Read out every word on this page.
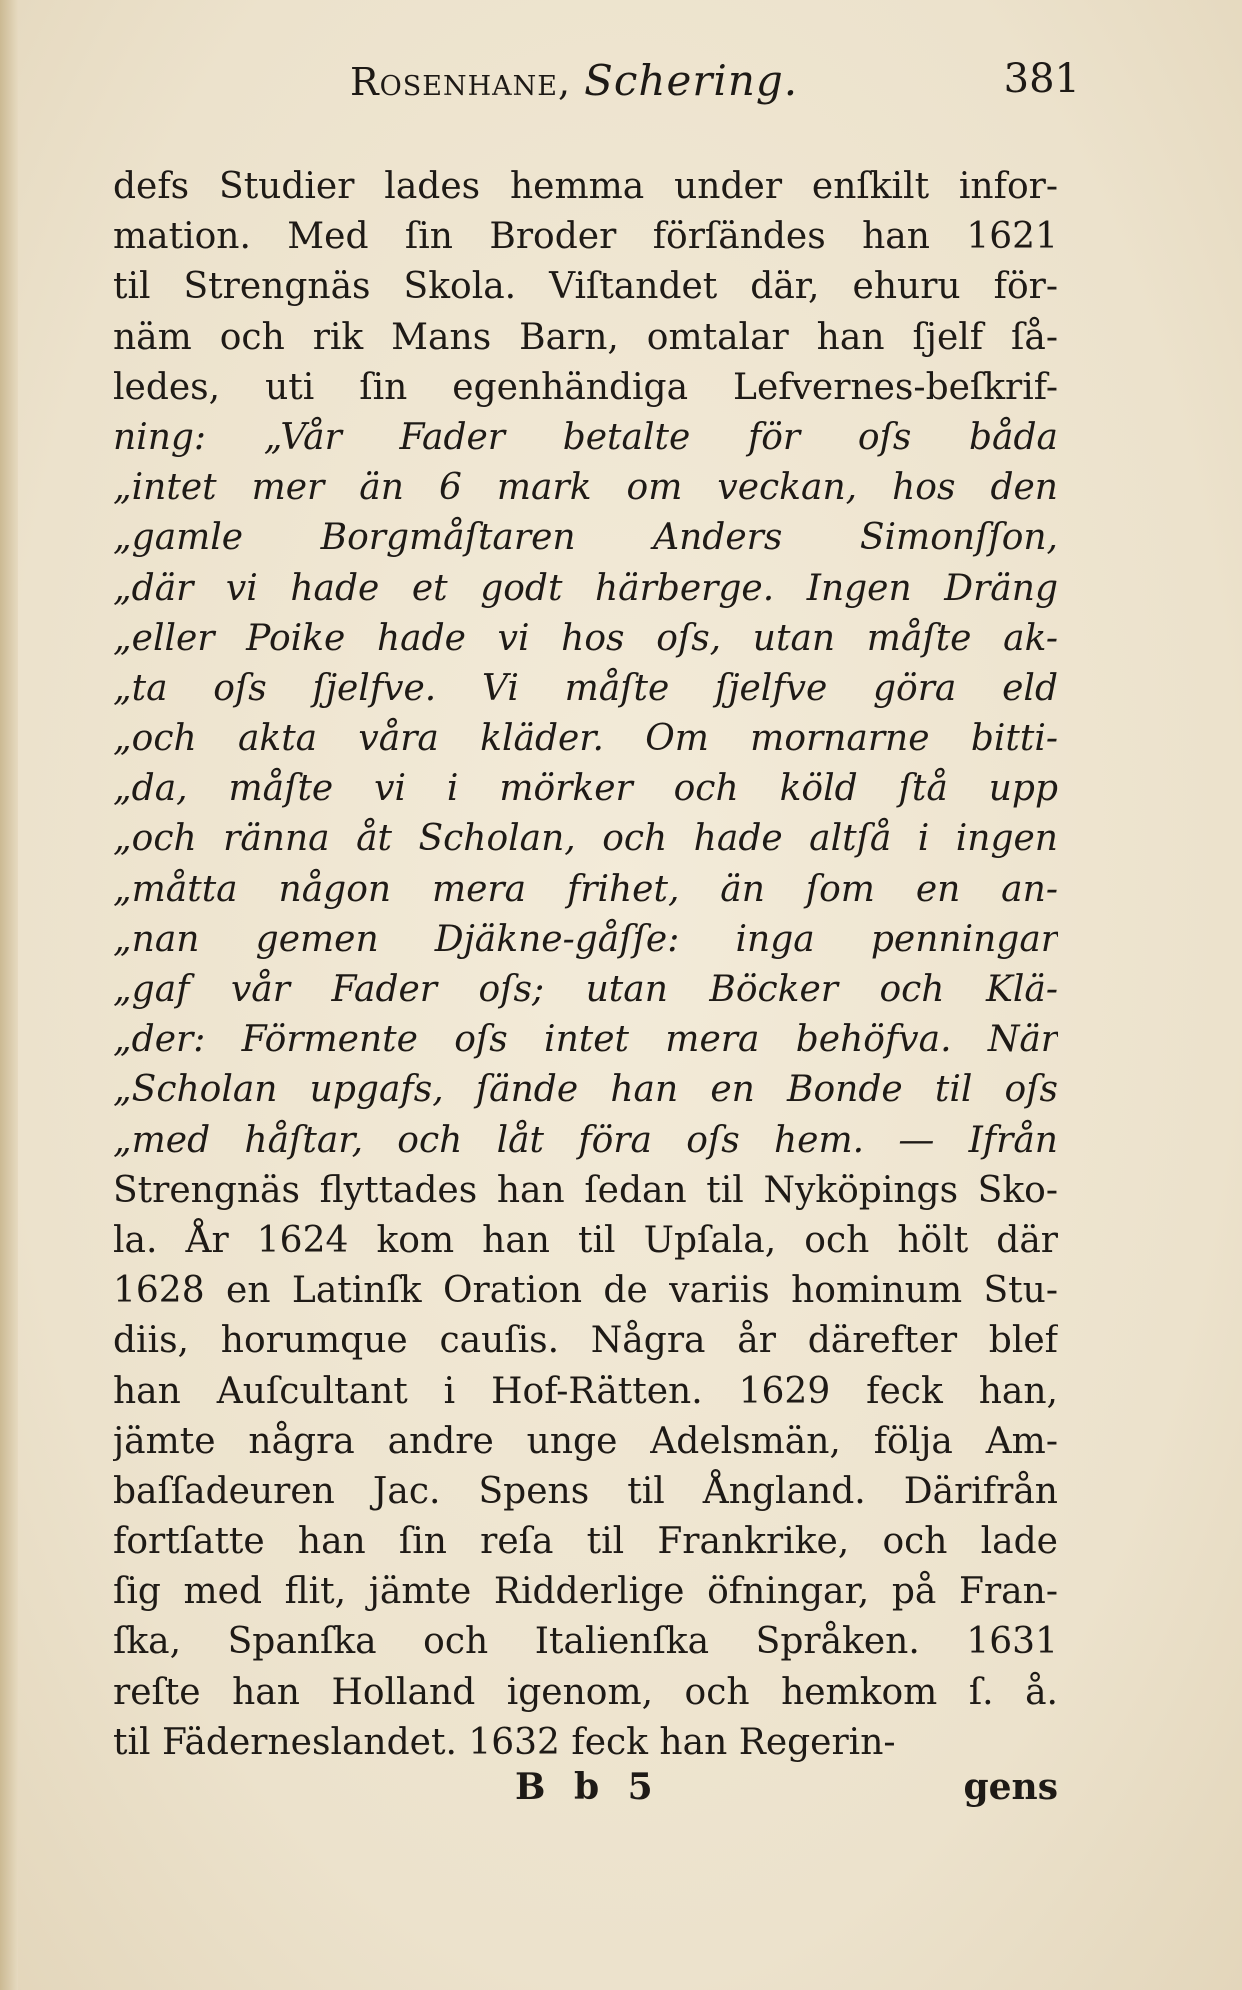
Rosenhane, Schering.	381
defs Studier lades hemma under enſkilt infor-
mation. Med ſin Broder förſändes han 1621
til Strengnäs Skola. Viſtandet där, ehuru för-
näm och rik Mans Barn, omtalar han ſjelf ſå-
ledes, uti ſin egenhändiga Lefvernes-beſkrif-
ning: „Vår Fader betalte för oſs båda
„intet mer än 6 mark om veckan, hos den
„gamle Borgmåſtaren Anders Simonſſon,
„där vi hade et godt härberge. Ingen Dräng
„eller Poike hade vi hos oſs, utan måſte ak-
„ta oſs ſjelfve. Vi måſte ſjelfve göra eld
„och akta våra kläder. Om mornarne bitti-
„da, måſte vi i mörker och köld ſtå upp
„och ränna åt Scholan, och hade altſå i ingen
„måtta någon mera frihet, än ſom en an-
„nan gemen Djäkne-gåſſe: inga penningar
„gaf vår Fader oſs; utan Böcker och Klä-
„der: Förmente oſs intet mera behöfva. När
„Scholan upgafs, ſände han en Bonde til oſs
„med håſtar, och låt föra oſs hem. — Ifrån
Strengnäs flyttades han ſedan til Nyköpings Sko-
la. År 1624 kom han til Upſala, och hölt där
1628 en Latinſk Oration de variis hominum Stu-
diis, horumque cauſis. Några år därefter blef
han Auſcultant i Hof-Rätten. 1629 feck han,
jämte några andre unge Adelsmän, följa Am-
baſſadeuren Jac. Spens til Ångland. Därifrån
fortſatte han ſin reſa til Frankrike, och lade
ſig med flit, jämte Ridderlige öfningar, på Fran-
ſka, Spanſka och Italienſka Språken. 1631
reſte han Holland igenom, och hemkom ſ. å.
til Fäderneslandet. 1632 feck han Regerin-
B b 5	gens
